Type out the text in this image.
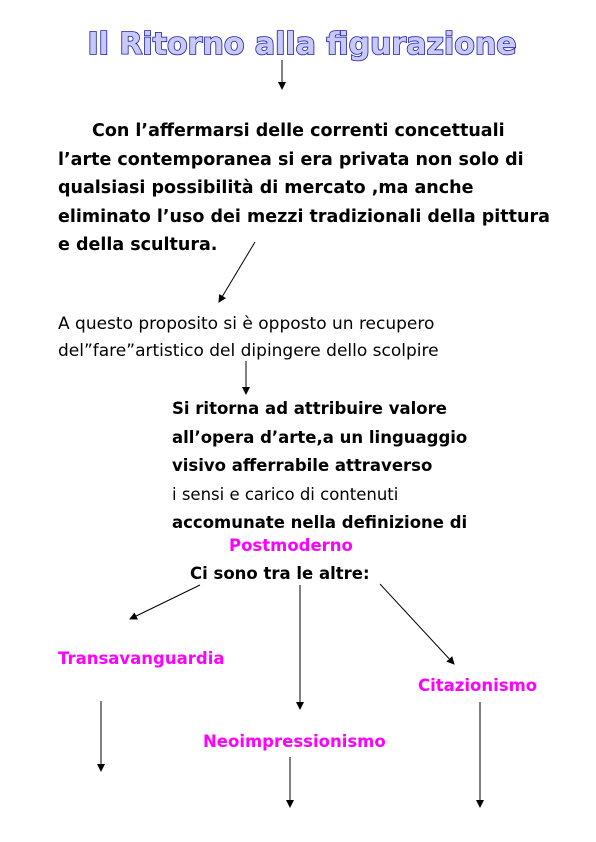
Il Ritorno alla figurazione
Con l’affermarsi delle correnti concettuali
l’arte contemporanea si era privata non solo di
qualsiasi possibilità di mercato ,ma anche
eliminato l’uso dei mezzi tradizionali della pittura
e della scultura.
A questo proposito si è opposto un recupero
del”fare”artistico del dipingere dello scolpire
Si ritorna ad attribuire valore
all’opera d’arte,a un linguaggio
visivo afferrabile attraverso
i sensi e carico di contenuti
accomunate nella definizione di
Postmoderno
Ci sono tra le altre:
Transavanguardia
Citazionismo
Neoimpressionismo
